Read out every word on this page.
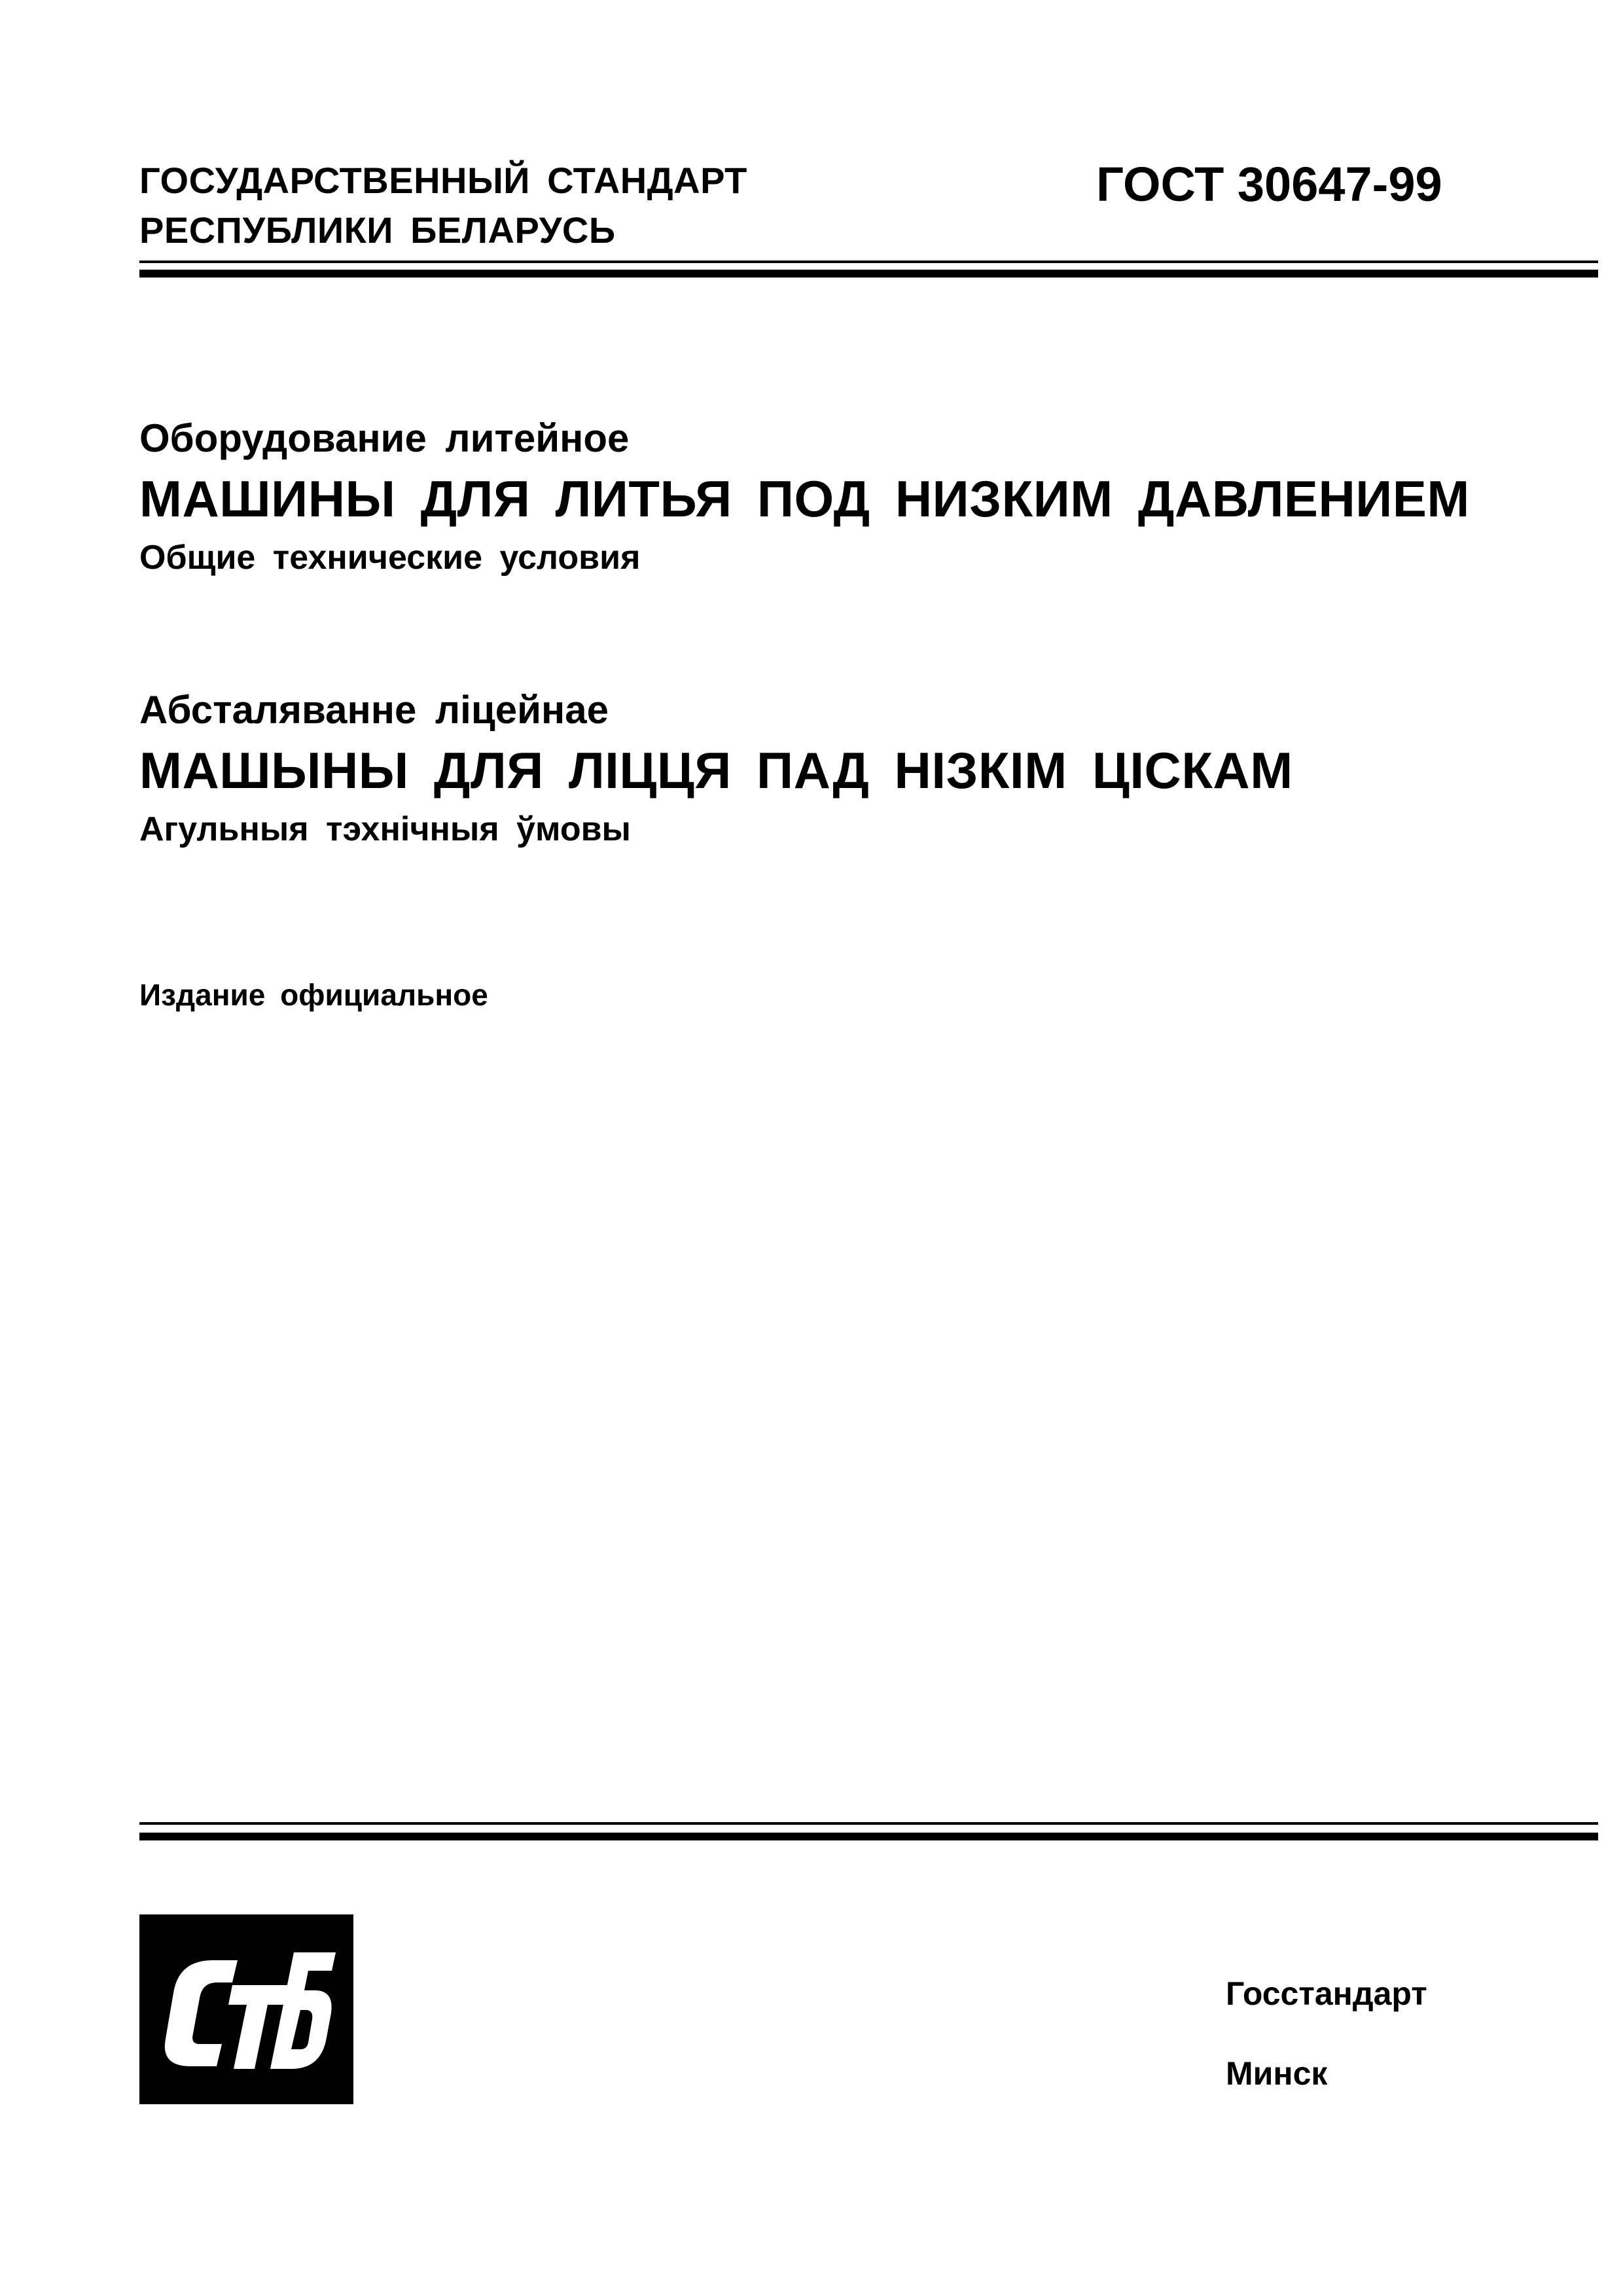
ГОСУДАРСТВЕННЫЙ СТАНДАРТ
РЕСПУБЛИКИ БЕЛАРУСЬ
ГОСТ 30647-99
Оборудование литейное
МАШИНЫ ДЛЯ ЛИТЬЯ ПОД НИЗКИМ ДАВЛЕНИЕМ
Общие технические условия
Абсталяванне ліцейнае
МАШЫНЫ ДЛЯ ЛІЦЦЯ ПАД НІЗКІМ ЦІСКАМ
Агульныя тэхнічныя ўмовы
Издание официальное
Госстандарт
Минск
